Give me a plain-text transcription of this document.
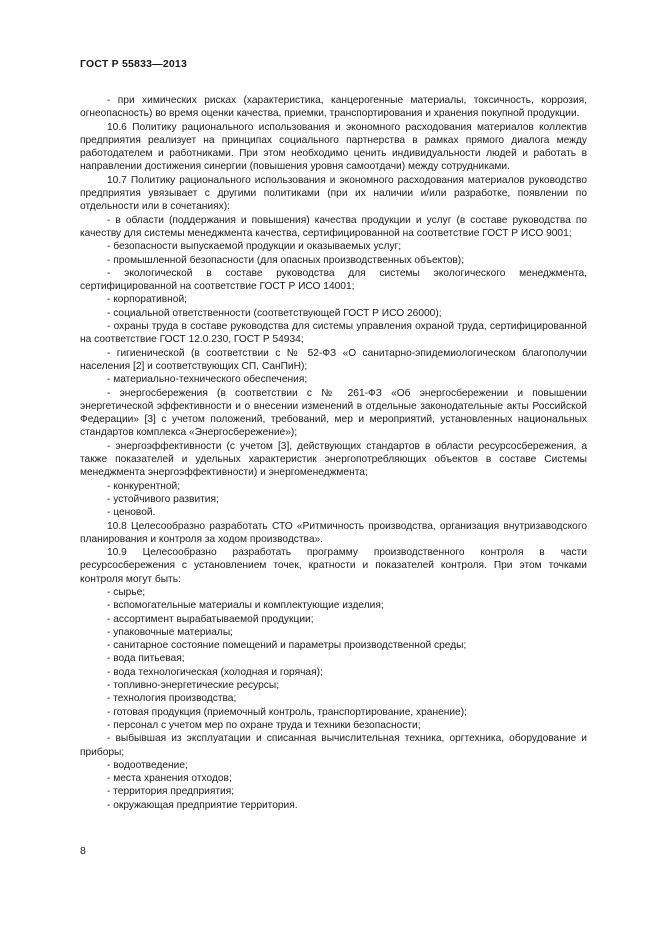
ГОСТ Р 55833—2013

- при химических рисках (характеристика, канцерогенные материалы, токсичность, коррозия, огнеопасность) во время оценки качества, приемки, транспортирования и хранения покупной продукции.

10.6 Политику рационального использования и экономного расходования материалов коллектив предприятия реализует на принципах социального партнерства в рамках прямого диалога между работодателем и работниками. При этом необходимо ценить индивидуальности людей и работать в направлении достижения синергии (повышения уровня самоотдачи) между сотрудниками.

10.7 Политику рационального использования и экономного расходования материалов руководство предприятия увязывает с другими политиками (при их наличии и/или разработке, появлении по отдельности или в сочетаниях):

- в области (поддержания и повышения) качества продукции и услуг (в составе руководства по качеству для системы менеджмента качества, сертифицированной на соответствие ГОСТ Р ИСО 9001;

- безопасности выпускаемой продукции и оказываемых услуг;

- промышленной безопасности (для опасных производственных объектов);

- экологической в составе руководства для системы экологического менеджмента, сертифицированной на соответствие ГОСТ Р ИСО 14001;

- корпоративной;

- социальной ответственности (соответствующей ГОСТ Р ИСО 26000);

- охраны труда в составе руководства для системы управления охраной труда, сертифицированной на соответствие ГОСТ 12.0.230, ГОСТ Р 54934;

- гигиенической (в соответствии с № 52-ФЗ «О санитарно-эпидемиологическом благополучии населения [2] и соответствующих СП, СанПиН);

- материально-технического обеспечения;

- энергосбережения (в соответствии с № 261-ФЗ «Об энергосбережении и повышении энергетической эффективности и о внесении изменений в отдельные законодательные акты Российской Федерации» [3] с учетом положений, требований, мер и мероприятий, установленных национальных стандартов комплекса «Энергосбережение»);

- энергоэффективности (с учетом [3], действующих стандартов в области ресурсосбережения, а также показателей и удельных характеристик энергопотребляющих объектов в составе Системы менеджмента энергоэффективности) и энергоменеджмента;

- конкурентной;

- устойчивого развития;

- ценовой.

10.8 Целесообразно разработать СТО «Ритмичность производства, организация внутризаводского планирования и контроля за ходом производства».

10.9 Целесообразно разработать программу производственного контроля в части ресурсосбережения с установлением точек, кратности и показателей контроля. При этом точками контроля могут быть:

- сырье;

- вспомогательные материалы и комплектующие изделия;

- ассортимент вырабатываемой продукции;

- упаковочные материалы;

- санитарное состояние помещений и параметры производственной среды;

- вода питьевая;

- вода технологическая (холодная и горячая);

- топливно-энергетические ресурсы;

- технология производства;

- готовая продукция (приемочный контроль, транспортирование, хранение);

- персонал с учетом мер по охране труда и техники безопасности;

- выбывшая из эксплуатации и списанная вычислительная техника, оргтехника, оборудование и приборы;

- водоотведение;

- места хранения отходов;

- территория предприятия;

- окружающая предприятие территория.

8
